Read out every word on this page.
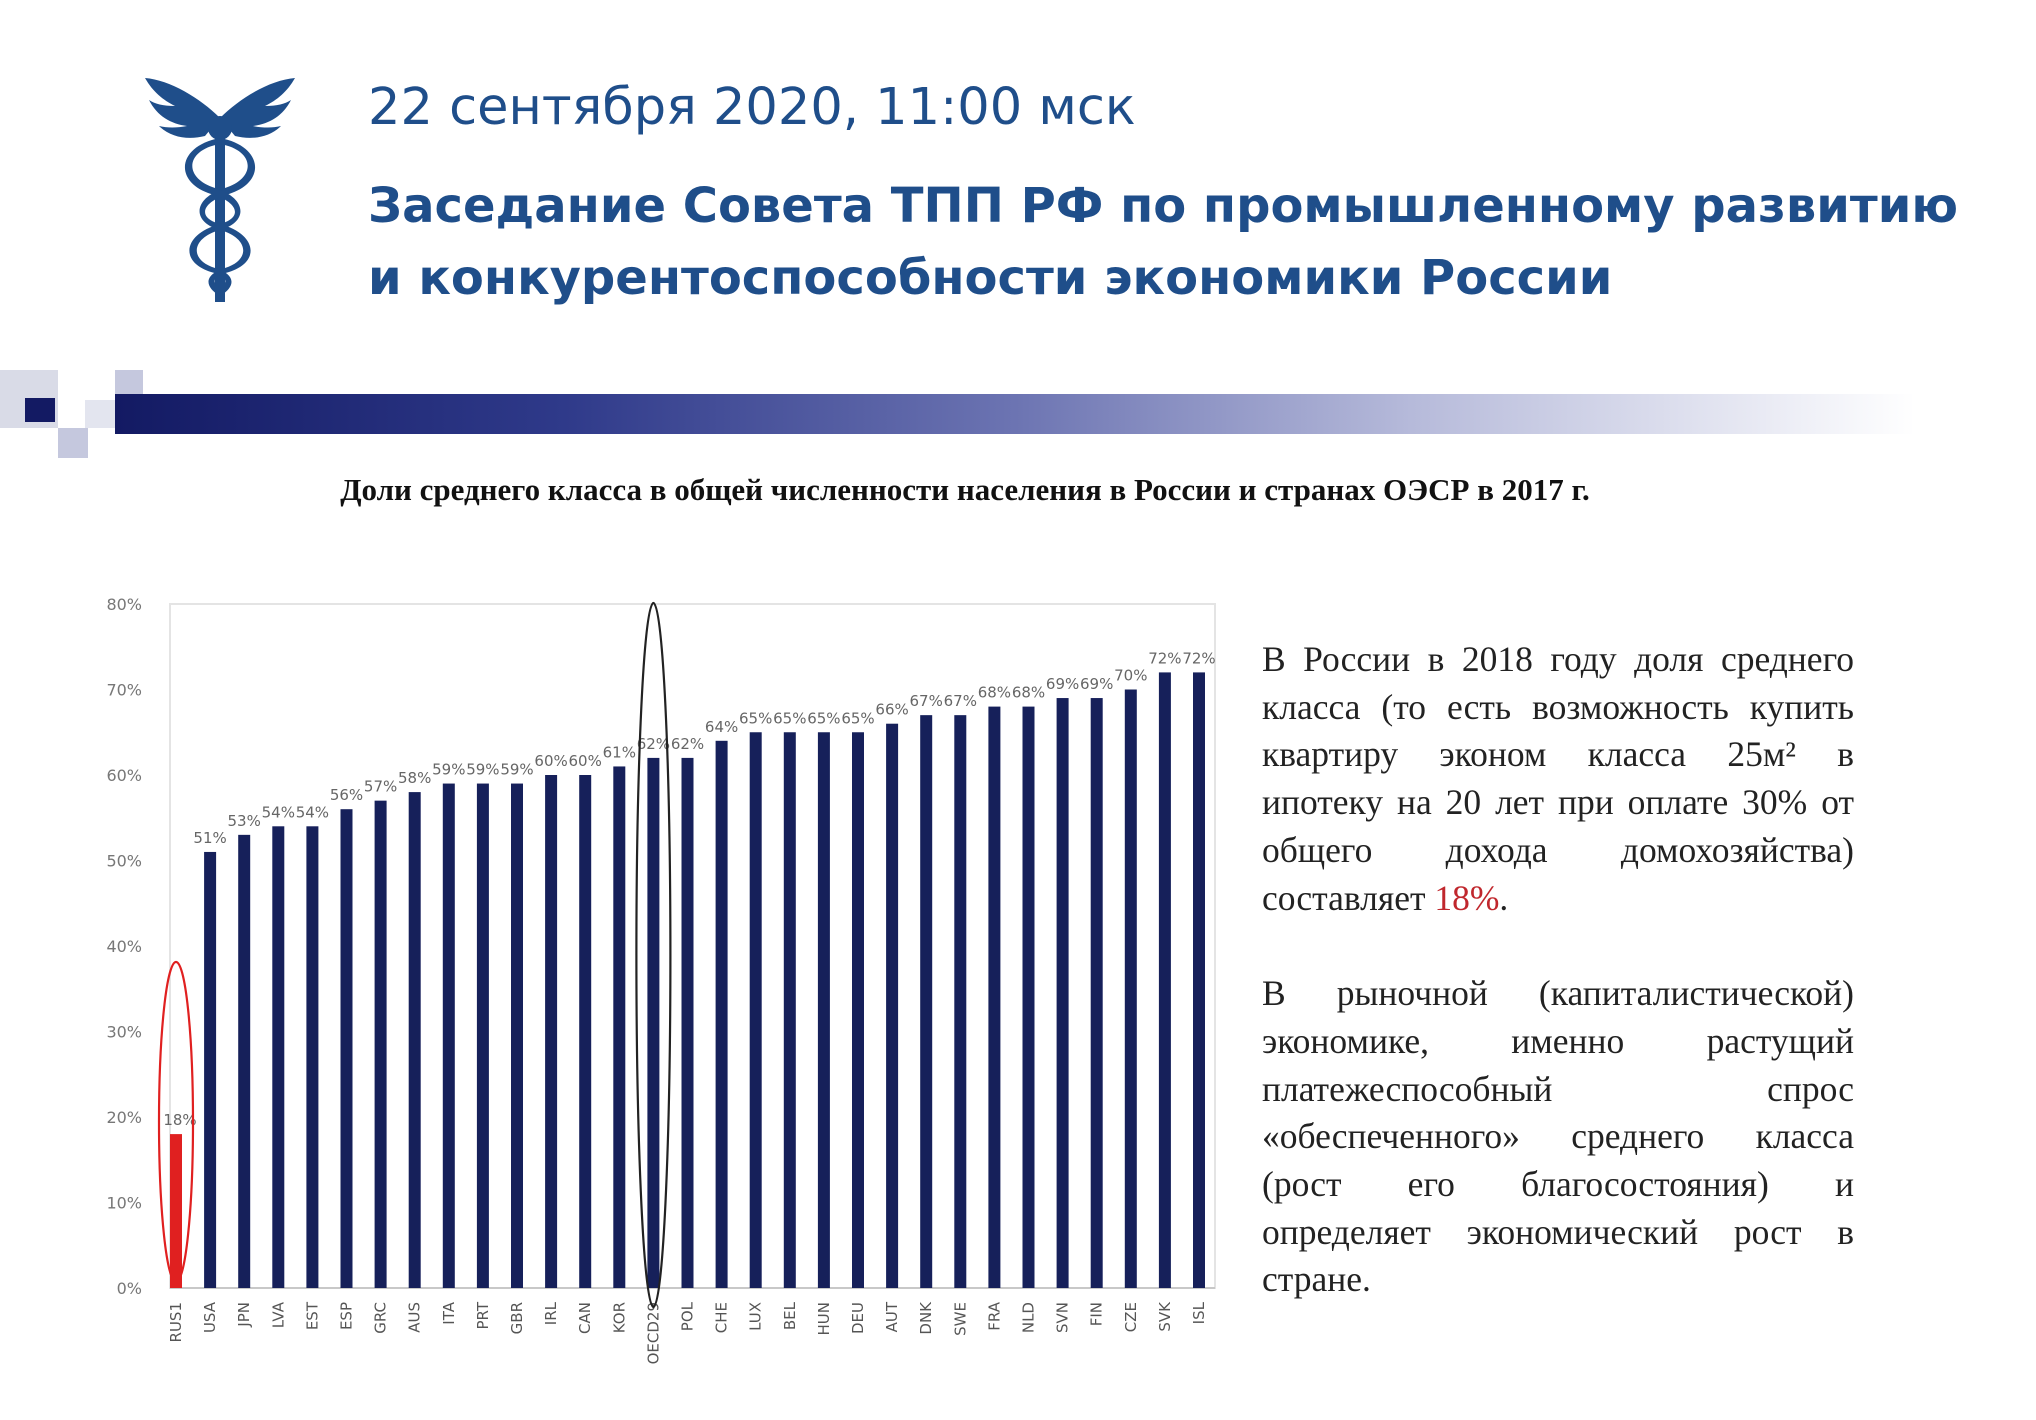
22 сентября 2020, 11:00 мск
Заседание Совета ТПП РФ по промышленному развитию
и конкурентоспособности экономики России
Доли среднего класса в общей численности населения в России и странах ОЭСР в 2017 г.
0%
10%
20%
30%
40%
50%
60%
70%
80%
18%
RUS1
51%
USA
53%
JPN
54%
LVA
54%
EST
56%
ESP
57%
GRC
58%
AUS
59%
ITA
59%
PRT
59%
GBR
60%
IRL
60%
CAN
61%
KOR
62%
OECD29
62%
POL
64%
CHE
65%
LUX
65%
BEL
65%
HUN
65%
DEU
66%
AUT
67%
DNK
67%
SWE
68%
FRA
68%
NLD
69%
SVN
69%
FIN
70%
CZE
72%
SVK
72%
ISL

В России в 2018 году доля среднего класса (то есть возможность купить квартиру эконом класса 25м² в ипотеку на 20 лет при оплате 30% от общего дохода домохозяйства) составляет 18%.

В рыночной (капиталистической) экономике, именно растущий платежеспособный спрос «обеспеченного» среднего класса (рост его благосостояния) и определяет экономический рост в стране.
